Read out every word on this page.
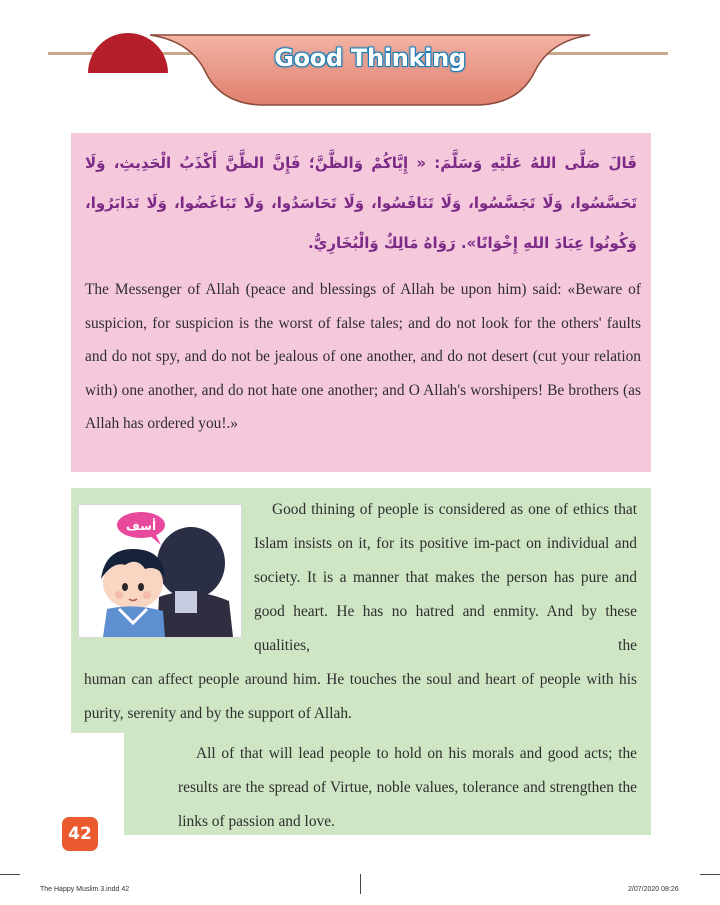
Good Thinking
قَالَ صَلَّى اللهُ عَلَيْهِ وَسَلَّمَ: « إِيَّاكُمْ وَالظَّنَّ؛ فَإِنَّ الظَّنَّ أَكْذَبُ الْحَدِيثِ، وَلَا تَحَسَّسُوا، وَلَا تَجَسَّسُوا، وَلَا تَنَافَسُوا، وَلَا تَحَاسَدُوا، وَلَا تَبَاغَضُوا، وَلَا تَدَابَرُوا، وَكُونُوا عِبَادَ اللهِ إِخْوَانًا». رَوَاهُ مَالِكٌ وَالْبُخَارِيُّ.
The Messenger of Allah (peace and blessings of Allah be upon him) said: «Beware of suspicion, for suspicion is the worst of false tales; and do not look for the others' faults and do not spy, and do not be jealous of one another, and do not desert (cut your relation with) one another, and do not hate one another; and O Allah's worshipers! Be brothers (as Allah has ordered you!.»
أسف
Good thining of people is considered as one of ethics that Islam insists on it, for its positive im-pact on individual and society. It is a manner that makes the person has pure and good heart. He has no hatred and enmity. And by these qualities, the
human can affect people around him. He touches the soul and heart of people with his purity, serenity and by the support of Allah.
All of that will lead people to hold on his morals and good acts; the results are the spread of Virtue, noble values, tolerance and strengthen the links of passion and love.
42
The Happy Muslim 3.indd 42	2/07/2020 08:26
